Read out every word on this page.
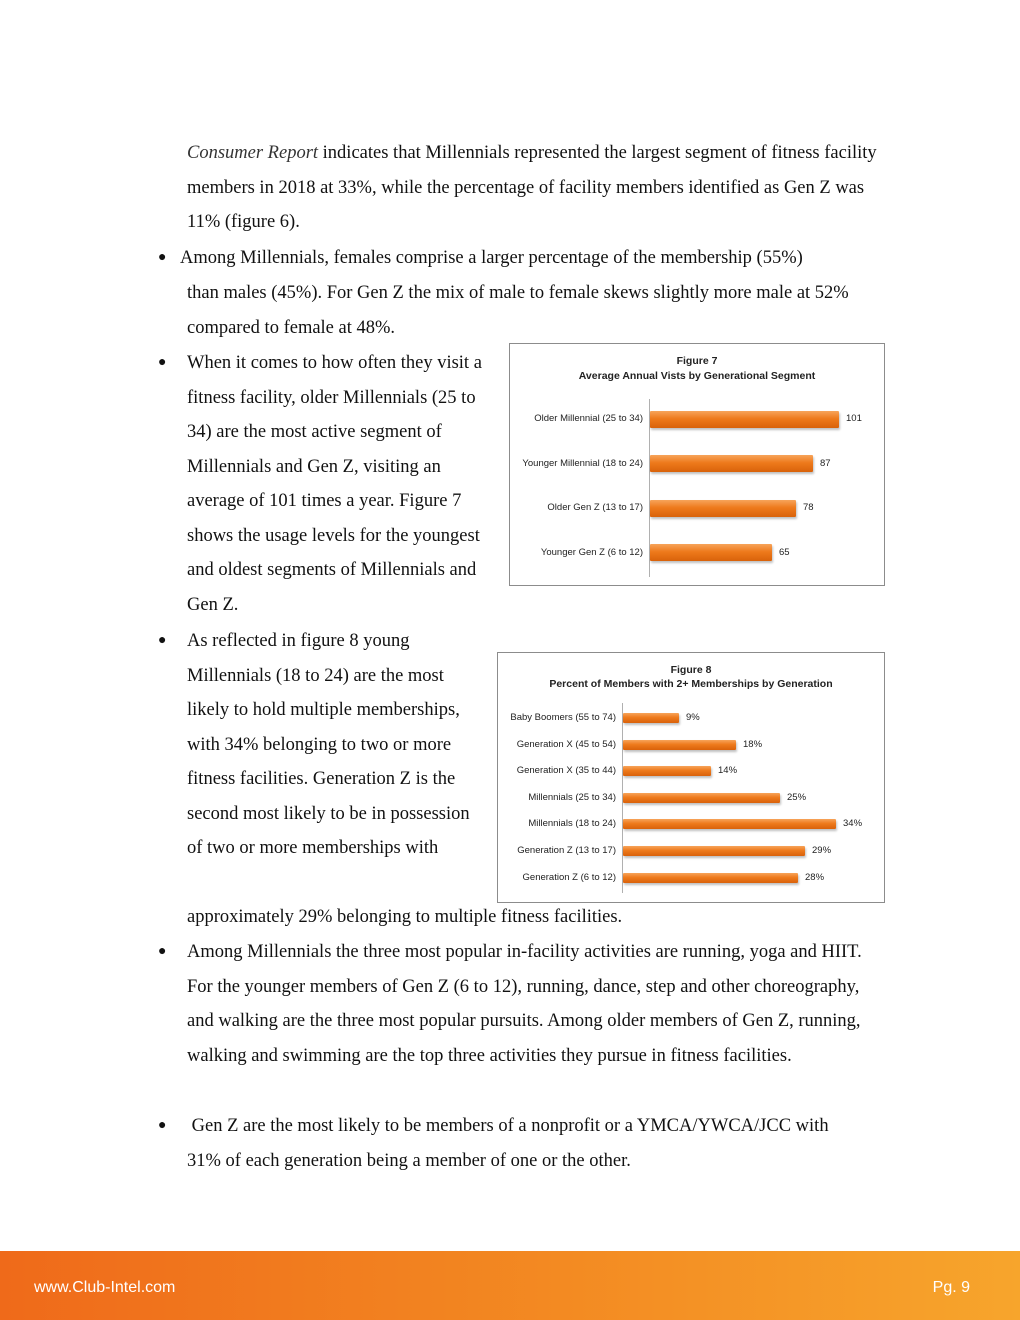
Consumer Report indicates that Millennials represented the largest segment of fitness facility members in 2018 at 33%, while the percentage of facility members identified as Gen Z was 11% (figure 6).

● Among Millennials, females comprise a larger percentage of the membership (55%)

than males (45%). For Gen Z the mix of male to female skews slightly more male at 52% compared to female at 48%.

● When it comes to how often they visit a fitness facility, older Millennials (25 to 34) are the most active segment of Millennials and Gen Z, visiting an average of 101 times a year. Figure 7 shows the usage levels for the youngest and oldest segments of Millennials and Gen Z.

Figure 7
Average Annual Vists by Generational Segment
Older Millennial (25 to 34)	101
Younger Millennial (18 to 24)	87
Older Gen Z (13 to 17)	78
Younger Gen Z (6 to 12)	65
● As reflected in figure 8 young Millennials (18 to 24) are the most likely to hold multiple memberships, with 34% belonging to two or more fitness facilities. Generation Z is the second most likely to be in possession of two or more memberships with

approximately 29% belonging to multiple fitness facilities.

Figure 8
Percent of Members with 2+ Memberships by Generation
Baby Boomers (55 to 74)	9%
Generation X (45 to 54)	18%
Generation X (35 to 44)	14%
Millennials (25 to 34)	25%
Millennials (18 to 24)	34%
Generation Z (13 to 17)	29%
Generation Z (6 to 12)	28%
● Among Millennials the three most popular in-facility activities are running, yoga and HIIT. For the younger members of Gen Z (6 to 12), running, dance, step and other choreography, and walking are the three most popular pursuits. Among older members of Gen Z, running, walking and swimming are the top three activities they pursue in fitness facilities.

● Gen Z are the most likely to be members of a nonprofit or a YMCA/YWCA/JCC with 31% of each generation being a member of one or the other.

www.Club-Intel.com	Pg. 9
